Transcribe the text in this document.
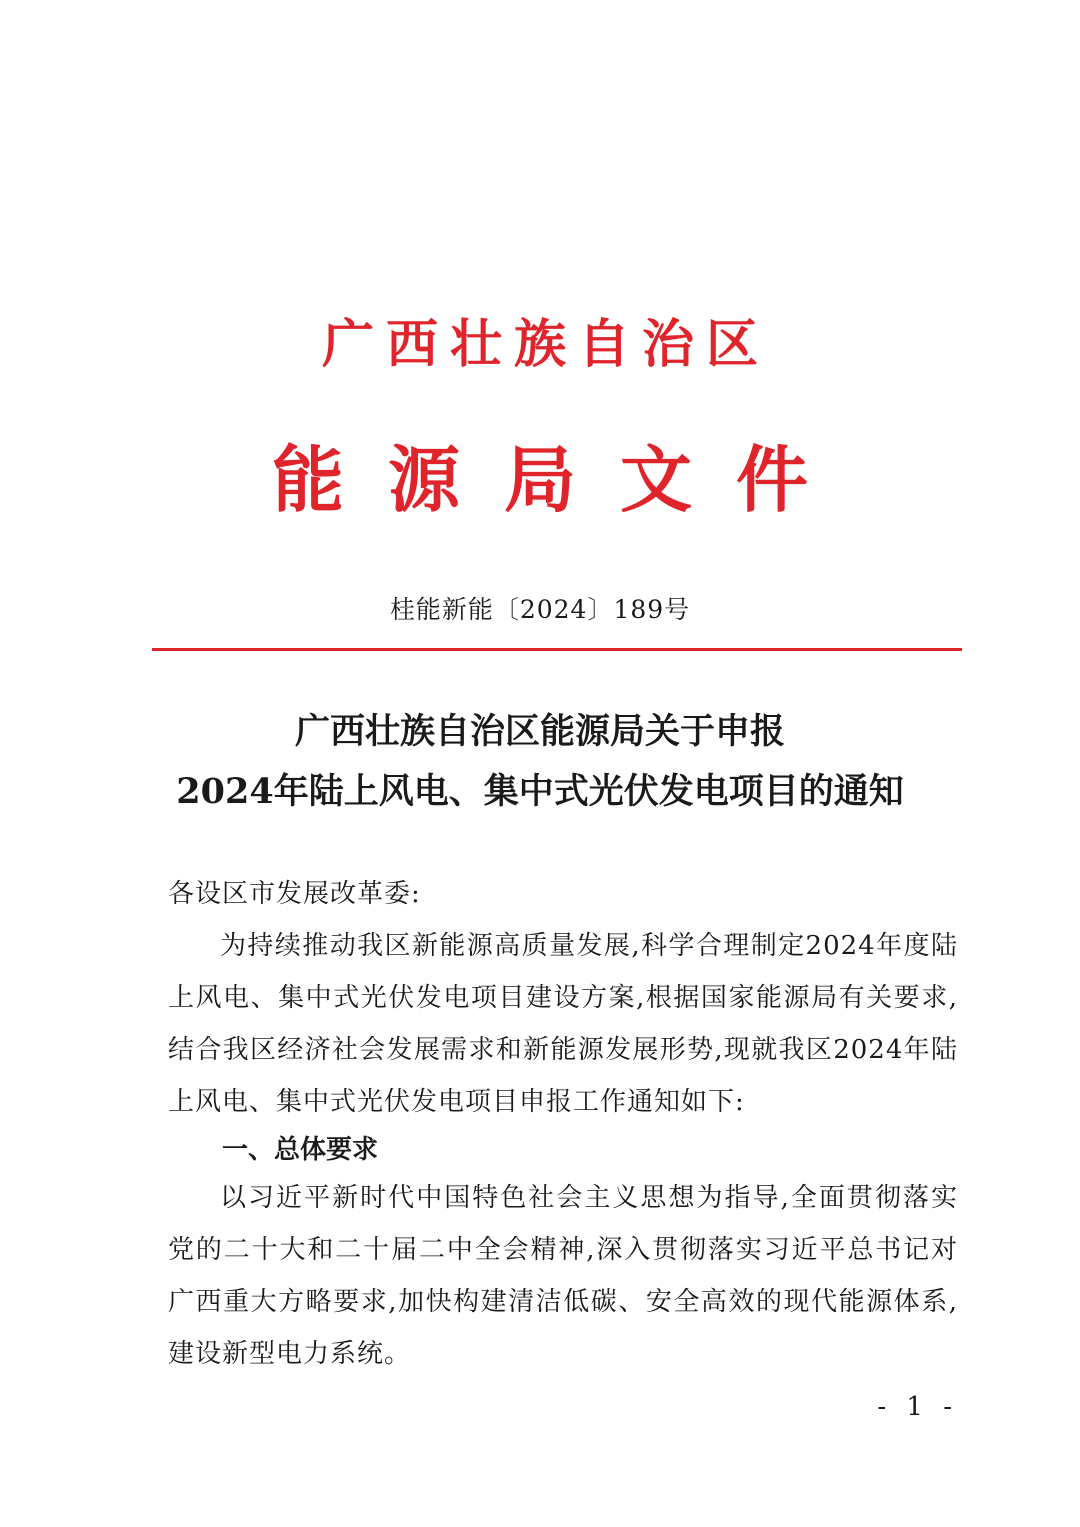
广西壮族自治区
能源局文件
桂能新能〔2024〕189号
广西壮族自治区能源局关于申报
2024年陆上风电、集中式光伏发电项目的通知
各设区市发展改革委:
为持续推动我区新能源高质量发展,科学合理制定2024年度陆上风电、集中式光伏发电项目建设方案,根据国家能源局有关要求,结合我区经济社会发展需求和新能源发展形势,现就我区2024年陆上风电、集中式光伏发电项目申报工作通知如下:
一、总体要求
以习近平新时代中国特色社会主义思想为指导,全面贯彻落实党的二十大和二十届二中全会精神,深入贯彻落实习近平总书记对广西重大方略要求,加快构建清洁低碳、安全高效的现代能源体系,建设新型电力系统。
- 1 -
